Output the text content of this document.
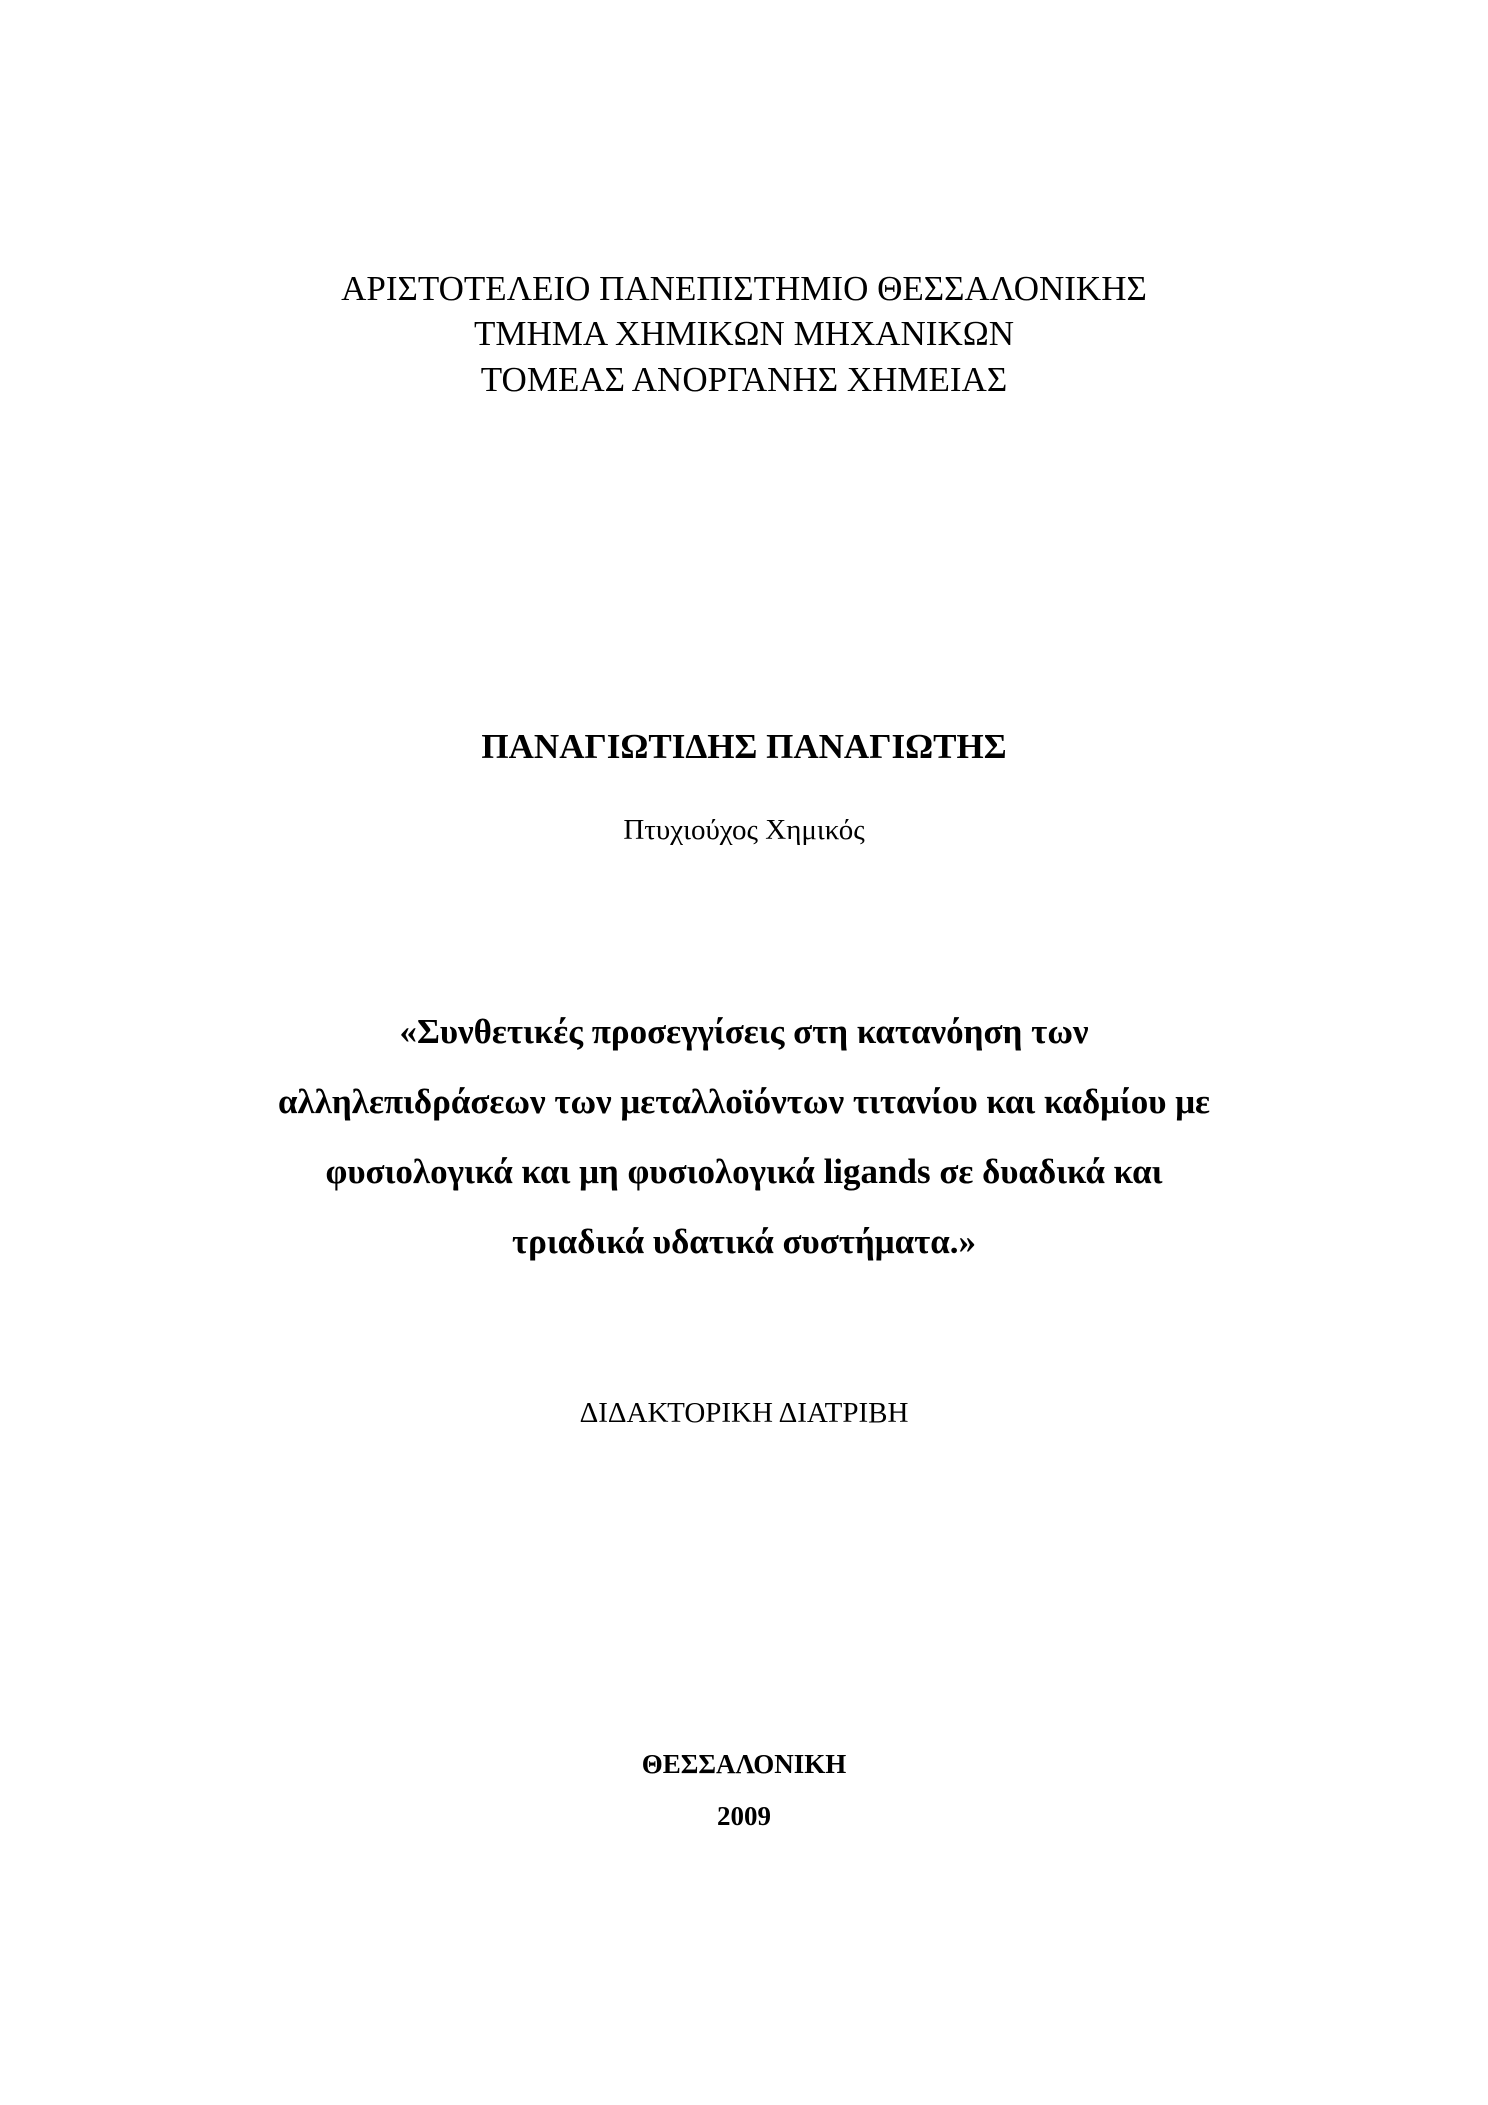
ΑΡΙΣΤΟΤΕΛΕΙΟ ΠΑΝΕΠΙΣΤΗΜΙΟ ΘΕΣΣΑΛΟΝΙΚΗΣ
ΤΜΗΜΑ ΧΗΜΙΚΩΝ ΜΗΧΑΝΙΚΩΝ
ΤΟΜΕΑΣ ΑΝΟΡΓΑΝΗΣ ΧΗΜΕΙΑΣ
ΠΑΝΑΓΙΩΤΙΔΗΣ ΠΑΝΑΓΙΩΤΗΣ
Πτυχιούχος Χημικός
«Συνθετικές προσεγγίσεις στη κατανόηση των
αλληλεπιδράσεων των μεταλλοϊόντων τιτανίου και καδμίου με
φυσιολογικά και μη φυσιολογικά ligands σε δυαδικά και
τριαδικά υδατικά συστήματα.»
ΔΙΔΑΚΤΟΡΙΚΗ ΔΙΑΤΡΙΒΗ
ΘΕΣΣΑΛΟΝΙΚΗ
2009
